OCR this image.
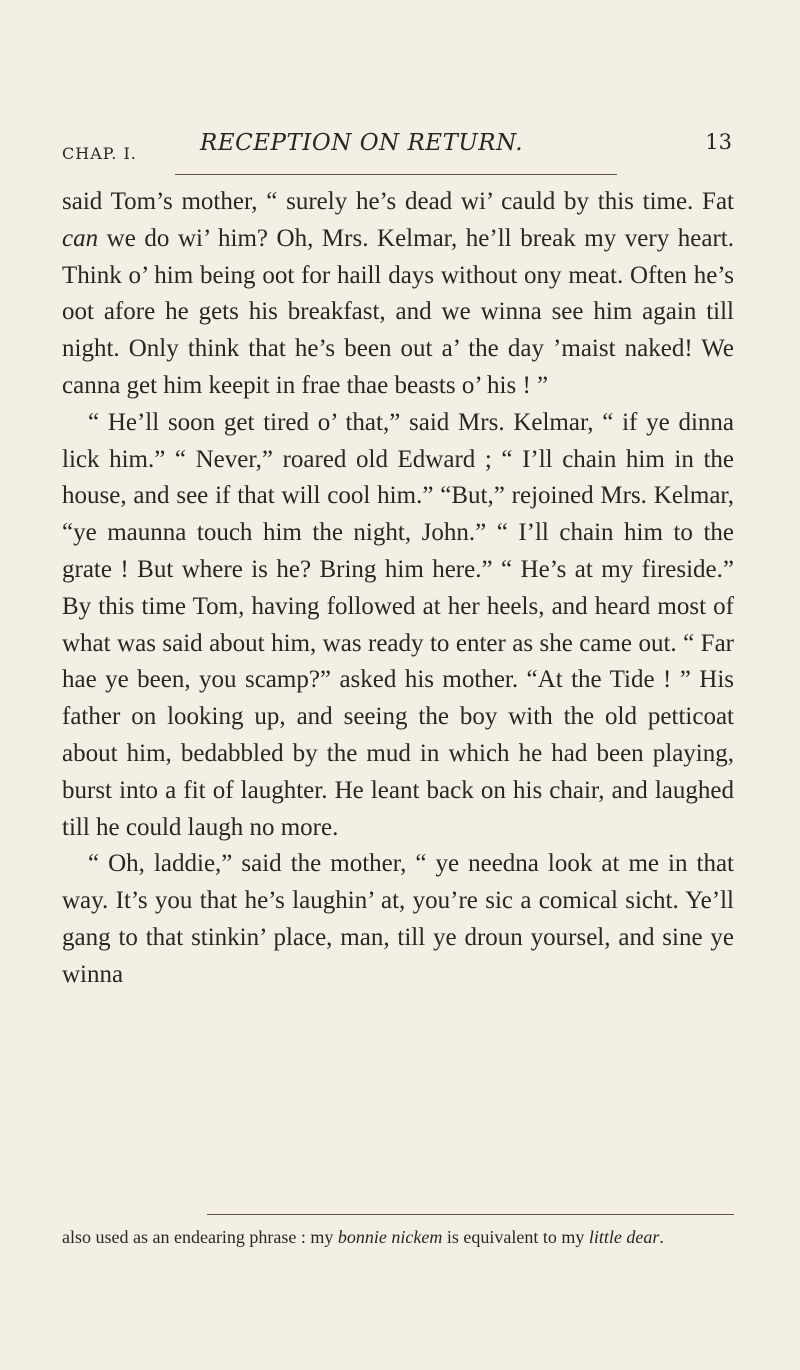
CHAP. I.	RECEPTION ON RETURN.	13

said Tom’s mother, “ surely he’s dead wi’ cauld by this time. Fat can we do wi’ him? Oh, Mrs. Kelmar, he’ll break my very heart. Think o’ him being oot for haill days without ony meat. Often he’s oot afore he gets his breakfast, and we winna see him again till night. Only think that he’s been out a’ the day ’maist naked! We canna get him keepit in frae thae beasts o’ his ! ”

“ He’ll soon get tired o’ that,” said Mrs. Kelmar, “ if ye dinna lick him.” “ Never,” roared old Edward ; “ I’ll chain him in the house, and see if that will cool him.” “But,” rejoined Mrs. Kelmar, “ye maunna touch him the night, John.” “ I’ll chain him to the grate ! But where is he? Bring him here.” “ He’s at my fireside.” By this time Tom, having followed at her heels, and heard most of what was said about him, was ready to enter as she came out. “ Far hae ye been, you scamp?” asked his mother. “At the Tide ! ” His father on looking up, and seeing the boy with the old petticoat about him, bedabbled by the mud in which he had been playing, burst into a fit of laughter. He leant back on his chair, and laughed till he could laugh no more.

“ Oh, laddie,” said the mother, “ ye needna look at me in that way. It’s you that he’s laughin’ at, you’re sic a comical sicht. Ye’ll gang to that stinkin’ place, man, till ye droun yoursel, and sine ye winna

also used as an endearing phrase : my bonnie nickem is equivalent to my little dear.
